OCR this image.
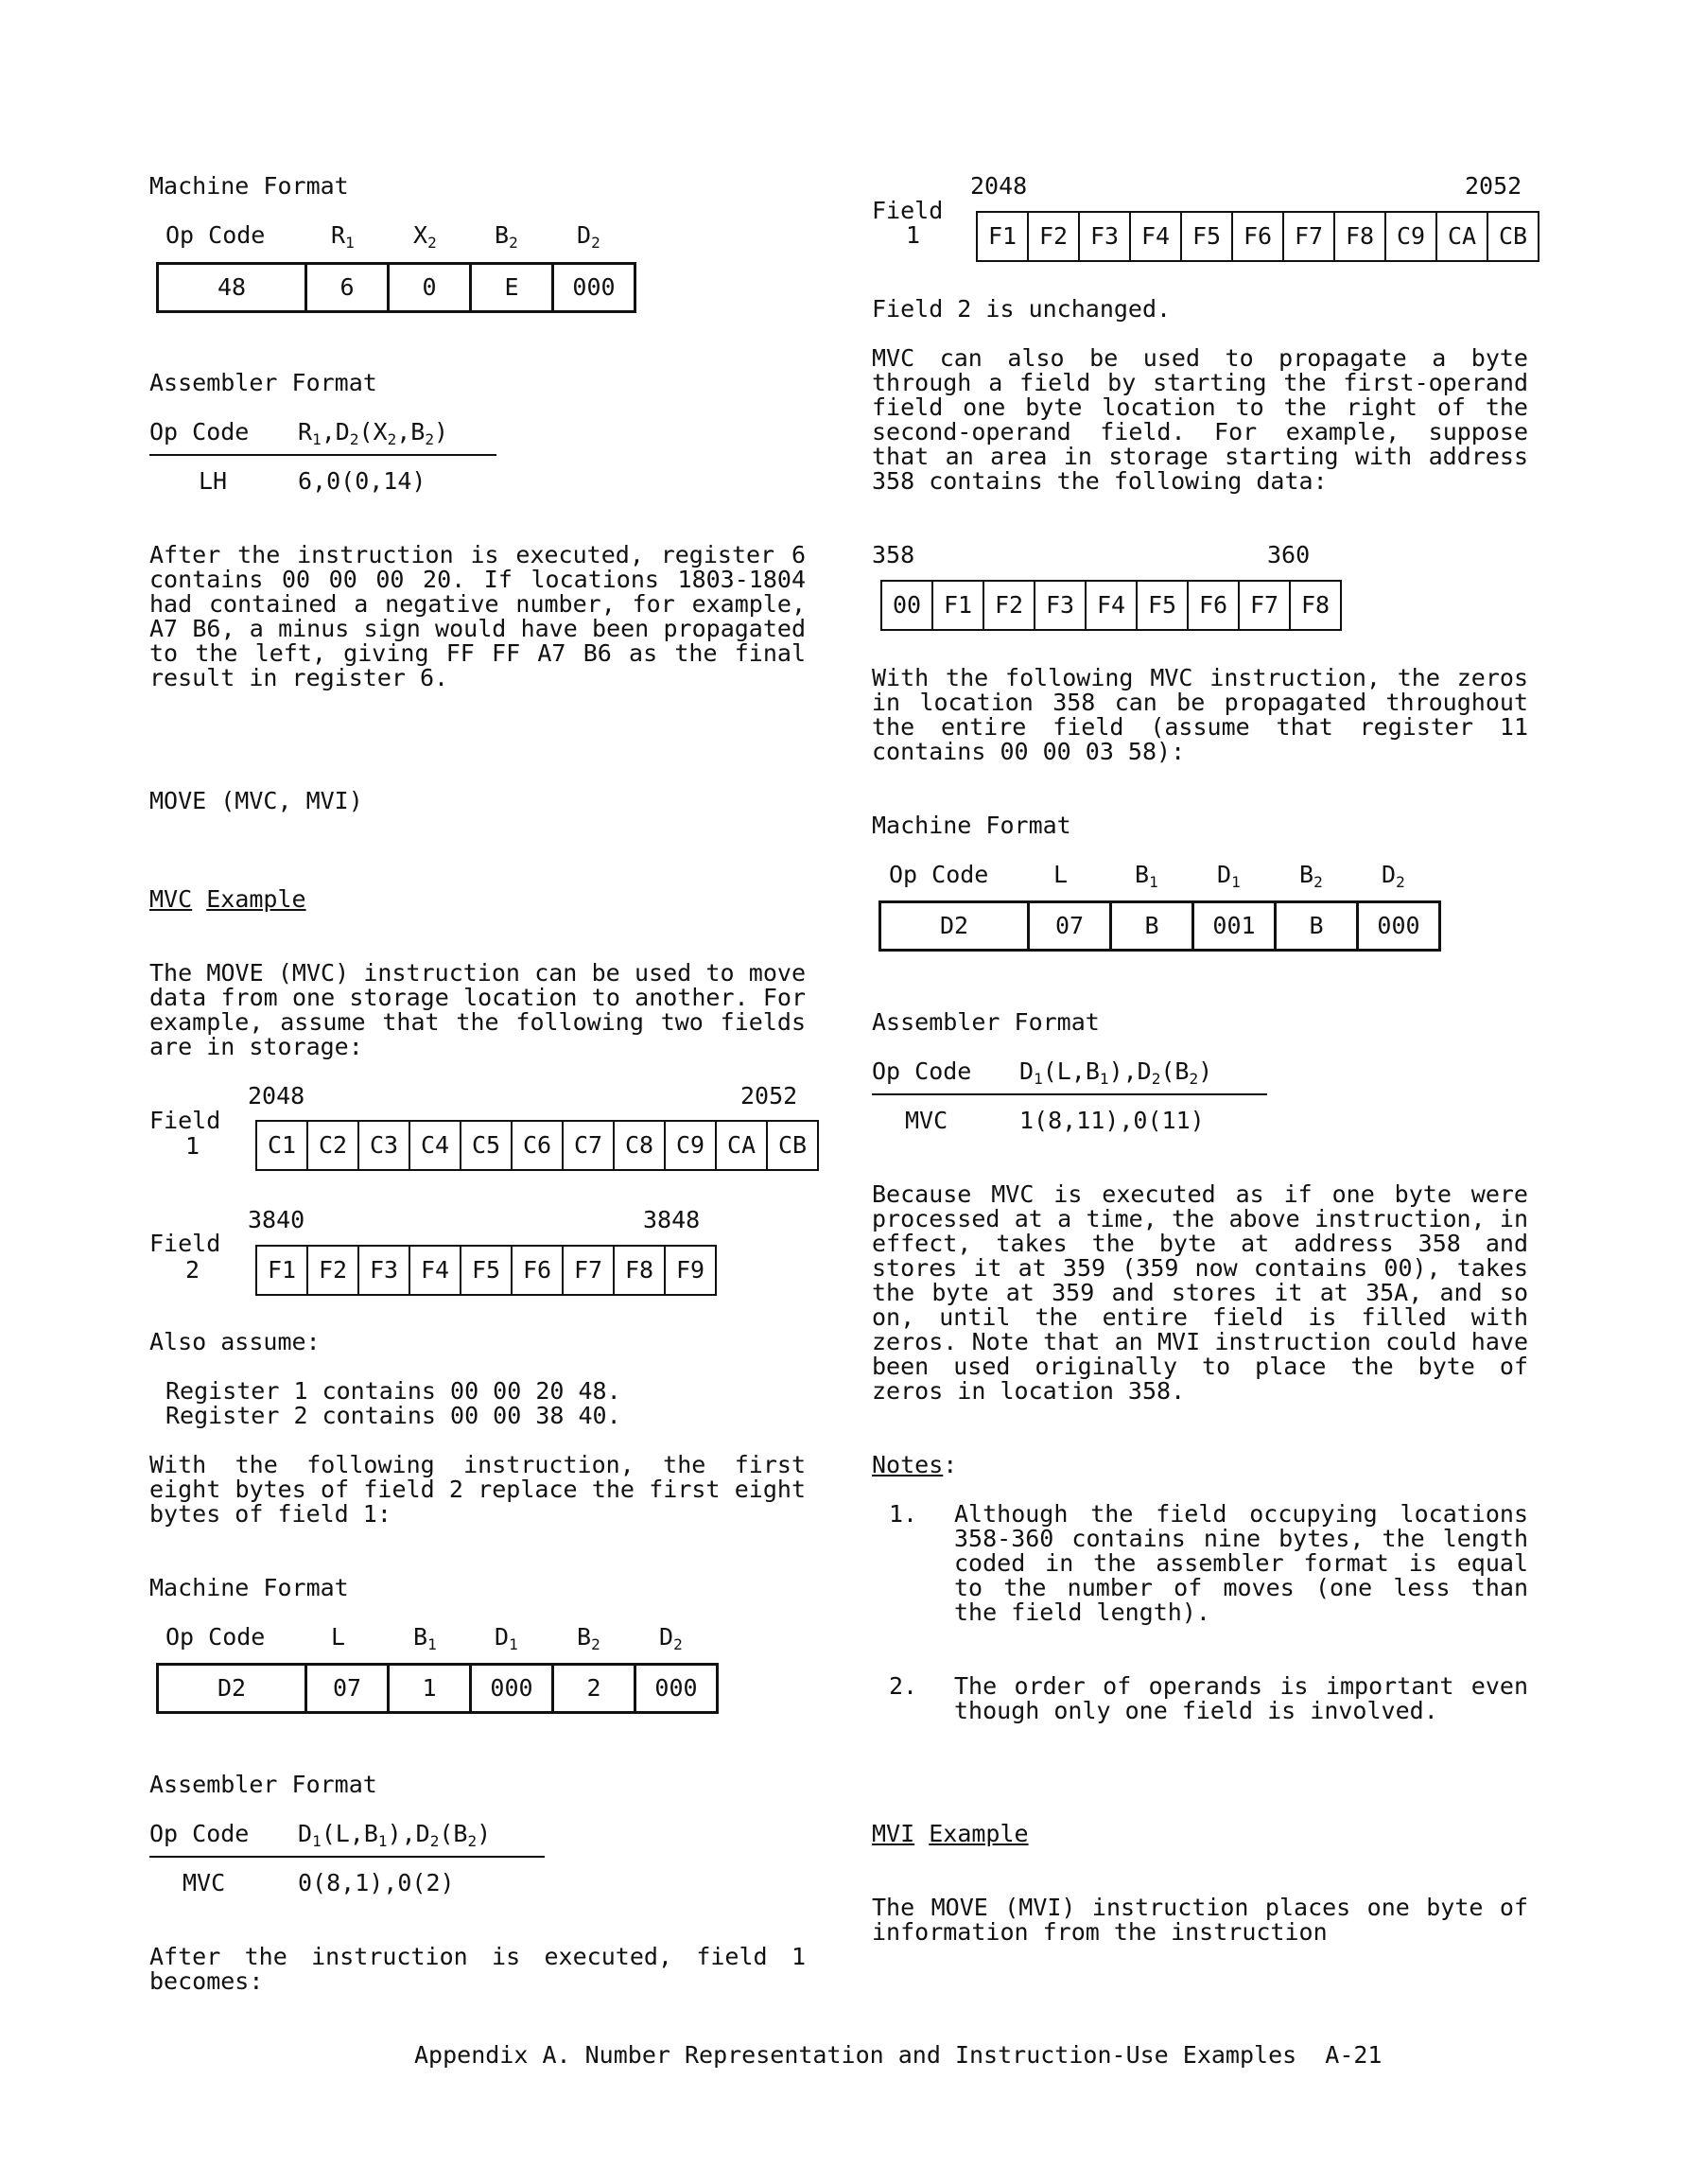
Machine Format
Op Code	$R_1$ $X_2$ $B_2$ $D_2$
48	6	0	E	000
Assembler Format
Op Code $R_1,D_2(X_2,B_2)$
LH	6,0(0,14)

After the instruction is executed, register 6 contains 00 00 00 20. If locations 1803-1804 had contained a negative number, for example, A7 B6, a minus sign would have been propagated to the left, giving FF FF A7 B6 as the final result in register 6.

MOVE (MVC, MVI)
MVC Example

The MOVE (MVC) instruction can be used to move data from one storage location to another. For example, assume that the following two fields are in storage:

Field
1
2048	2052
C1	C2	C3	C4	C5	C6	C7	C8	C9	CA	CB
Field
2
3840	3848
F1	F2	F3	F4	F5	F6	F7	F8	F9
Also assume:
Register 1 contains 00 00 20 48.
Register 2 contains 00 00 38 40.

With the following instruction, the first eight bytes of field 2 replace the first eight bytes of field 1:

Machine Format
Op Code	L	$B_1$ $D_1$ $B_2$ $D_2$
D2	07	1	000	2	000
Assembler Format
Op Code $D_1(L,B_1),D_2(B_2)$
MVC	0(8,1),0(2)

After the instruction is executed, field 1 becomes:

2048	2052
Field
1	F1	F2	F3	F4	F5	F6	F7	F8	C9	CA	CB
Field 2 is unchanged.

MVC can also be used to propagate a byte through a field by starting the first-operand field one byte location to the right of the second-operand field. For example, suppose that an area in storage starting with address 358 contains the following data:

358	360
00	F1	F2	F3	F4	F5	F6	F7	F8

With the following MVC instruction, the zeros in location 358 can be propagated throughout the entire field (assume that register 11 contains 00 00 03 58):

Machine Format
Op Code	L	$B_1$ $D_1$ $B_2$ $D_2$
D2	07	B	001	B	000
Assembler Format
Op Code $D_1(L,B_1),D_2(B_2)$
MVC	1(8,11),0(11)

Because MVC is executed as if one byte were processed at a time, the above instruction, in effect, takes the byte at address 358 and stores it at 359 (359 now contains 00), takes the byte at 359 and stores it at 35A, and so on, until the entire field is filled with zeros. Note that an MVI instruction could have been used originally to place the byte of zeros in location 358.

Notes:
1. Although the field occupying locations 358-360 contains nine bytes, the length coded in the assembler format is equal to the number of moves (one less than the field length).

2. The order of operands is important even though only one field is involved.

MVI Example

The MOVE (MVI) instruction places one byte of information from the instruction

Appendix A. Number Representation and Instruction-Use Examples  A-21
